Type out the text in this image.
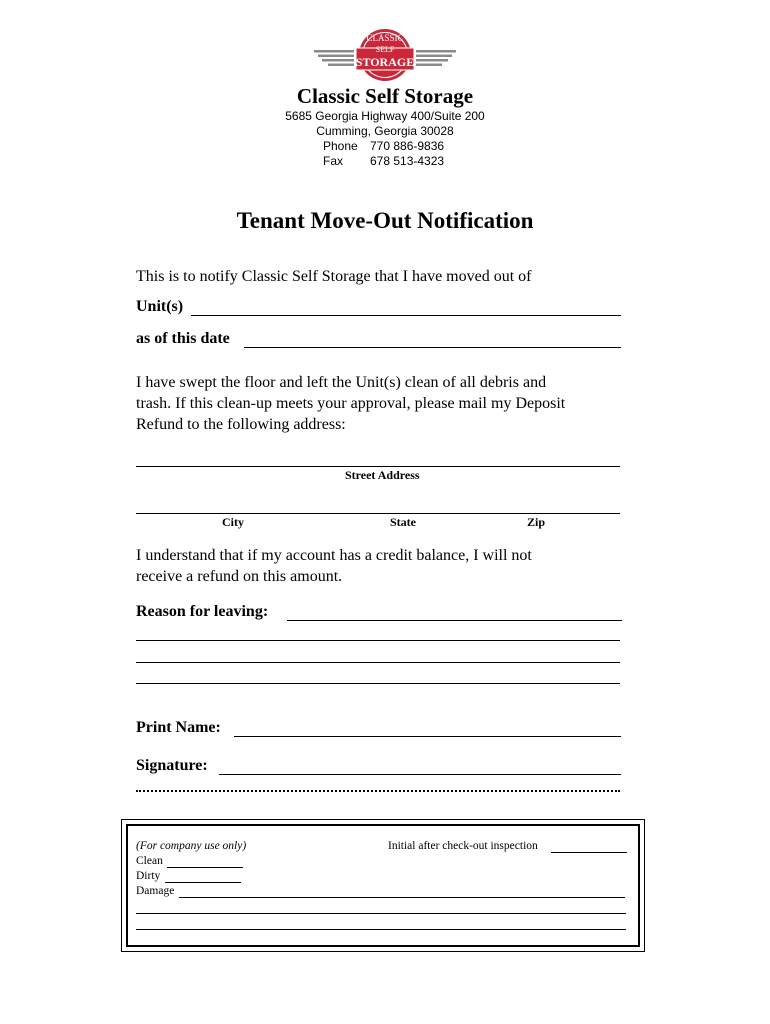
CLASSIC
SELF
STORAGE
Classic Self Storage
5685 Georgia Highway 400/Suite 200
Cumming, Georgia 30028
Phone 770 886-9836
Fax 678 513-4323
Tenant Move-Out Notification
This is to notify Classic Self Storage that I have moved out of
Unit(s)
as of this date
I have swept the floor and left the Unit(s) clean of all debris and
trash. If this clean-up meets your approval, please mail my Deposit
Refund to the following address:
Street Address
City	State	Zip
I understand that if my account has a credit balance, I will not
receive a refund on this amount.
Reason for leaving:
Print Name:
Signature:
(For company use only)	Initial after check-out inspection
Clean
Dirty
Damage
